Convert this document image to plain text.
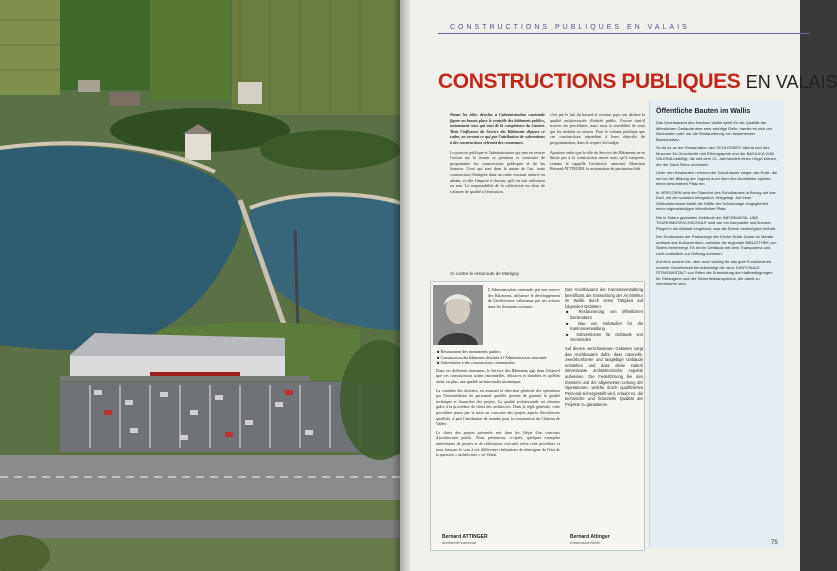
CONSTRUCTIONS PUBLIQUES EN VALAIS
CONSTRUCTIONS PUBLIQUES EN VALAIS

Parmi les rôles dévolus à l'administration cantonale figure au besoin place le contrôle des bâtiments publics, notamment ceux qui sont de la compétence du Canton. Mais l'influence du Service des Bâtiments dépasse ce cadre, en servant ce qui par l'attribution de subventions à des constructions relevant des communes.

Le pouvoir publique et l'administration qui met en oeuvre l'action sur le terrain se prennent et construire de programmer les constructions publiques et de les financer. Ceux qui sont dans la nature de l'art, toute construction d'intégrée dans un cadre existant, naturel ou urbain, et elle s'impose à chacun, qu'il en soit utilisateur ou non. La responsabilité de la collectivité est donc de s'assurer de qualité à l'exécution.

c'est par le fait du hasard et certains pays ont déclaré la qualité architecturale d'intérêt public. Encore faut-il trouver les procédures, mais nous la sensibilité de ceux qui les mettent en oeuvre. Pour le volume publique que ces constructions répondent à leurs objectifs de programmation, dans le respect du budget.

Ajoutons enfin que le rôle du Service des Bâtiments ne se limite pas à la construction neuve mais qu'il comporte, comme le rappelle l'architecte cantonal, Monsieur Bernard ATTINGER, la restauration du patrimoine bâti.

Ci-contre le restoroute de Martigny

L'Administration cantonale, par son service des Bâtiments, influence le développement de l'architecture valaisanne par ses actions dans les domaines suivants :

■ Restauration des monuments publics

■ Construction des bâtiments destinés à l'Administration cantonale

■ Subventions à des constructions communales.

Dans ces différents domaines, le Service des Bâtiments agit dans l'objectif que ces constructions soient rationnelles, efficaces et durables et qu'elles aient, en plus, une qualité architecturale intrinsèque.

La conduite des dossiers, en assurant la direction générale des opérations par l'intermédiaire du personnel qualifié, permet de garantir la qualité technique et financière des projets. La qualité architecturale est obtenue grâce à la procédure de choix des architectes. Dans la règle générale, cette procédure passe par la mise au concours des projets auprès d'architectes qualifiés, à part l'attribution de mandat pour la restauration du Château de Valère.

Le choix des projets présentés sert dans les l'objet d'un concours d'architecture public. Nous présentons, ci-après, quelques exemples intéressants de projets et de réalisations exécutés selon cette procédure et nous laissons le soin à ces différentes réalisations de témoigner de l'état de la question « architecture » en Valais.

Das Hochbauamt der Kantonsverwaltung beeinflusst die Entwicklung der Architektur im Wallis durch seine Tätigkeit auf folgenden Gebieten:

■ Restaurierung von öffentlichen Denkmälern

■ Bau von Gebäuden für die Kantonsverwaltung

■ Subventionen für Gebäude von Gemeinden

Auf diesen verschiedenen Gebieten sorgt das Hochbauamt dafür, dass rationelle, zweckkonforme und langlebige Gebäude entstehen und dass diese zudem interessante architektonische Aspekte aufweisen. Die Federführung bei den Dossiers und der allgemeinen Leitung der Operationen, welche durch qualifiziertes Personal sichergestellt wird, erlaubt es, die technische und finanzielle Qualität der Projekte zu garantieren.

Bernard ATTINGER
Architecte cantonal
Bernard Attinger
Kantonsarchitekt
Öffentliche Bauten im Wallis

Das Hochbauamt des Kantons Wallis spielt für die Qualität der öffentlichen Gebäude eine sehr wichtige Rolle, handle es sich um Neubauten oder um die Restaurierung von bestehender Bausubstanz.

So ist es an der Restauration des SCHLOSSES Valeria und des Museum für Geschichte und Ethnographie und der BASILIKA VON VALERIA beteiligt, die seit dem 12. Jahrhundert einen Hügel krönen, der die Stadt Sitten dominiert.

Unter den Neubauten nehmen die Schulhäuser wegen der Rolle, die sie bei der Bildung der Jugend auch über ihre Architektur spielen, einen besonderen Platz ein.

In VERCORIN wird der Standort des Schulhauses in Bezug auf das Dorf, mit der sozialen Integration, festgelegt. Auf einer Geländeterrasse bildet die Hälfte der Schulanlage eingegliedert einen eigenständigen öffentlichen Platz.

Die in Siders geplanten Gebäude der INFORMATIK- UND TOURISMUSFACHSCHULE sind wie ein kompakter und linearer Riegel in die Altstadt eingebaut, was die Ebene bestmöglich freihält.

Der Endausbau der Parkanlage der Kirche Notre-Dame du Marais umfasst das Kulturzentrum, welches die regionale BIBLIOTHEK von Siders beherbergt. Es ist ein Gebäude bei dem Transparenz und Licht vorbildlich zur Geltung kommen.

Auf eine andere Art, aber auch wichtig für das gute Funktionieren unserer Gesellschaft berücksichtigt die neue KANTONALE STRAFANSTALT von Sitten die Entwicklung der Haftbedingungen für Gefangene und der Sicherheitsansprüche, die damit zu vereinbaren sind.

75
